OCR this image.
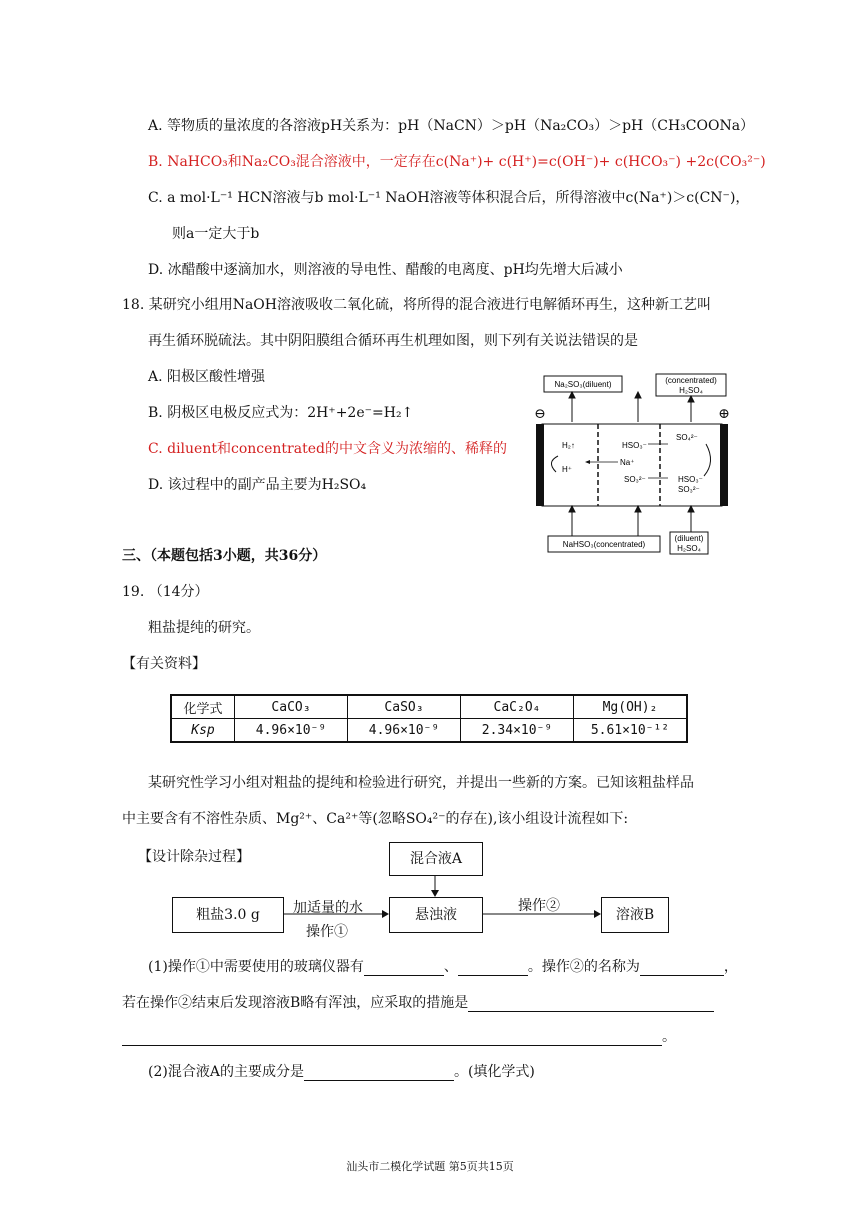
A. 等物质的量浓度的各溶液pH关系为：pH（NaCN）＞pH（Na₂CO₃）＞pH（CH₃COONa）
B. NaHCO₃和Na₂CO₃混合溶液中，一定存在c(Na⁺)+ c(H⁺)=c(OH⁻)+ c(HCO₃⁻) +2c(CO₃²⁻)
C. a mol·L⁻¹ HCN溶液与b mol·L⁻¹ NaOH溶液等体积混合后，所得溶液中c(Na⁺)＞c(CN⁻)，
则a一定大于b
D. 冰醋酸中逐滴加水，则溶液的导电性、醋酸的电离度、pH均先增大后减小
18. 某研究小组用NaOH溶液吸收二氧化硫，将所得的混合液进行电解循环再生，这种新工艺叫
再生循环脱硫法。其中阴阳膜组合循环再生机理如图，则下列有关说法错误的是
A. 阳极区酸性增强
B. 阴极区电极反应式为：2H⁺+2e⁻=H₂↑
C. diluent和concentrated的中文含义为浓缩的、稀释的
D. 该过程中的副产品主要为H₂SO₄
Na₂SO₃(diluent)	(concentrated)
H₂SO₄
⊖	⊕
H₂↑
H⁺
HSO₃⁻
Na⁺
SO₃²⁻
SO₄²⁻
HSO₃⁻
SO₃²⁻
NaHSO₃(concentrated)
(diluent)
H₂SO₄
三、（本题包括3小题，共36分）
19. （14分）
粗盐提纯的研究。
【有关资料】
化学式	CaCO₃	CaSO₃	CaC₂O₄	Mg(OH)₂
Ksp	4.96×10⁻⁹	4.96×10⁻⁹	2.34×10⁻⁹	5.61×10⁻¹²
某研究性学习小组对粗盐的提纯和检验进行研究，并提出一些新的方案。已知该粗盐样品
中主要含有不溶性杂质、Mg²⁺、Ca²⁺等(忽略SO₄²⁻的存在),该小组设计流程如下:
【设计除杂过程】	混合液A
粗盐3.0 g	悬浊液	溶液B
加适量的水
操作①
操作②
(1)操作①中需要使用的玻璃仪器有	、	。操作②的名称为	，
若在操作②结束后发现溶液B略有浑浊，应采取的措施是
。
(2)混合液A的主要成分是	。(填化学式)
汕头市二模化学试题 第5页共15页
